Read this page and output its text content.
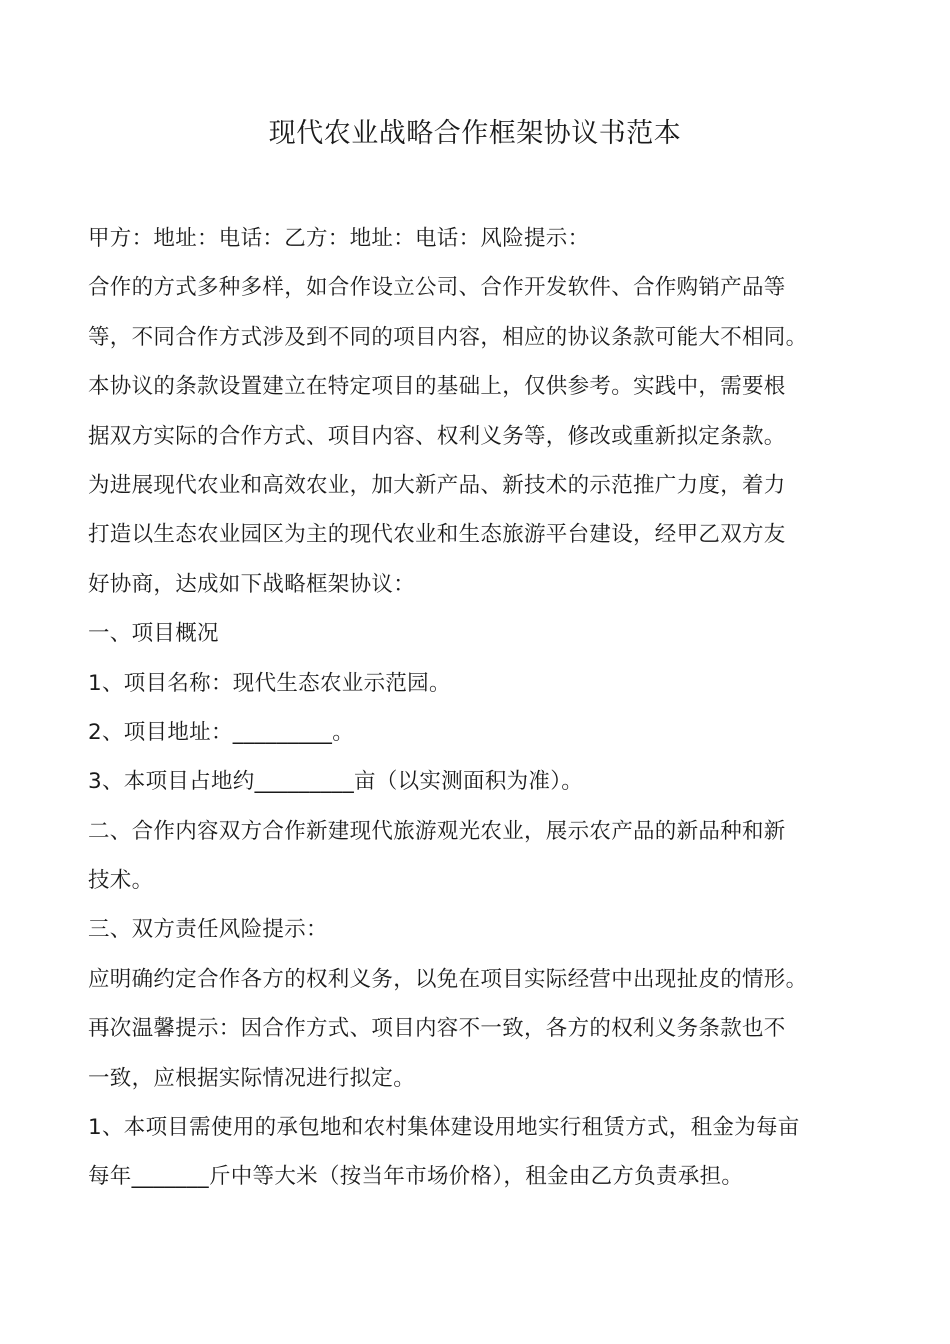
现代农业战略合作框架协议书范本
甲方：地址：电话：乙方：地址：电话：风险提示：
合作的方式多种多样，如合作设立公司、合作开发软件、合作购销产品等
等，不同合作方式涉及到不同的项目内容，相应的协议条款可能大不相同。
本协议的条款设置建立在特定项目的基础上，仅供参考。实践中，需要根
据双方实际的合作方式、项目内容、权利义务等，修改或重新拟定条款。
为进展现代农业和高效农业，加大新产品、新技术的示范推广力度，着力
打造以生态农业园区为主的现代农业和生态旅游平台建设，经甲乙双方友
好协商，达成如下战略框架协议：
一、项目概况
1、项目名称：现代生态农业示范园。
2、项目地址：_________。
3、本项目占地约_________亩（以实测面积为准）。
二、合作内容双方合作新建现代旅游观光农业，展示农产品的新品种和新
技术。
三、双方责任风险提示：
应明确约定合作各方的权利义务，以免在项目实际经营中出现扯皮的情形。
再次温馨提示：因合作方式、项目内容不一致，各方的权利义务条款也不
一致，应根据实际情况进行拟定。
1、本项目需使用的承包地和农村集体建设用地实行租赁方式，租金为每亩
每年_______斤中等大米（按当年市场价格），租金由乙方负责承担。
